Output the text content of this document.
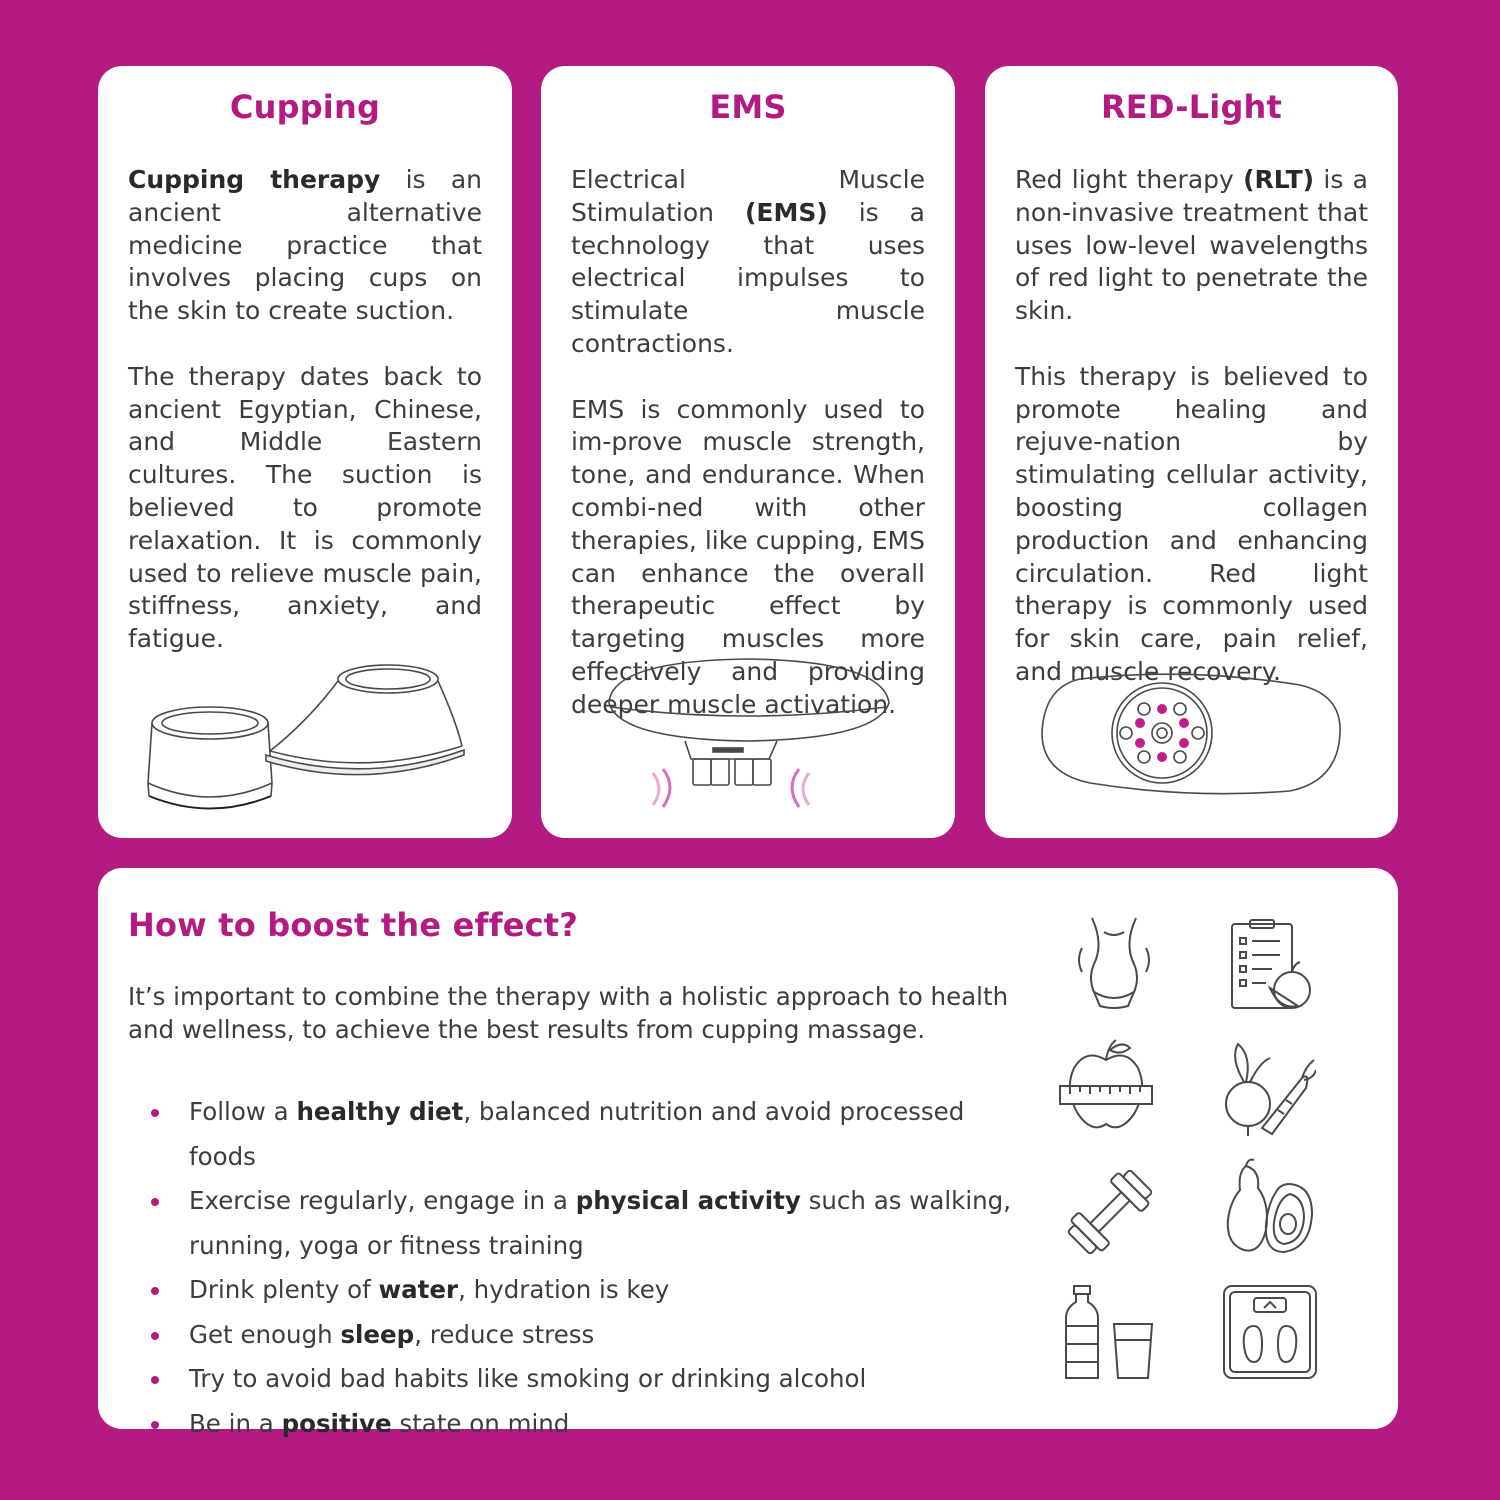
Cupping

Cupping therapy is an ancient alternative medicine practice that involves placing cups on the skin to create suction.

The therapy dates back to ancient Egyptian, Chinese, and Middle Eastern cultures. The suction is believed to promote relaxation. It is commonly used to relieve muscle pain, stiffness, anxiety, and fatigue.

EMS

Electrical Muscle Stimulation (EMS) is a technology that uses electrical impulses to stimulate muscle contractions.

EMS is commonly used to im-prove muscle strength, tone, and endurance. When combi-ned with other therapies, like cupping, EMS can enhance the overall therapeutic effect by targeting muscles more effectively and providing deeper muscle activation.

RED-Light

Red light therapy (RLT) is a non-invasive treatment that uses low-level wavelengths of red light to penetrate the skin.

This therapy is believed to promote healing and rejuve-nation by stimulating cellular activity, boosting collagen production and enhancing circulation. Red light therapy is commonly used for skin care, pain relief, and muscle recovery.

How to boost the effect?

It’s important to combine the therapy with a holistic approach to health and wellness, to achieve the best results from cupping massage.

Follow a healthy diet, balanced nutrition and avoid processed foods
Exercise regularly, engage in a physical activity such as walking, running, yoga or fitness training
Drink plenty of water, hydration is key
Get enough sleep, reduce stress
Try to avoid bad habits like smoking or drinking alcohol
Be in a positive state on mind
